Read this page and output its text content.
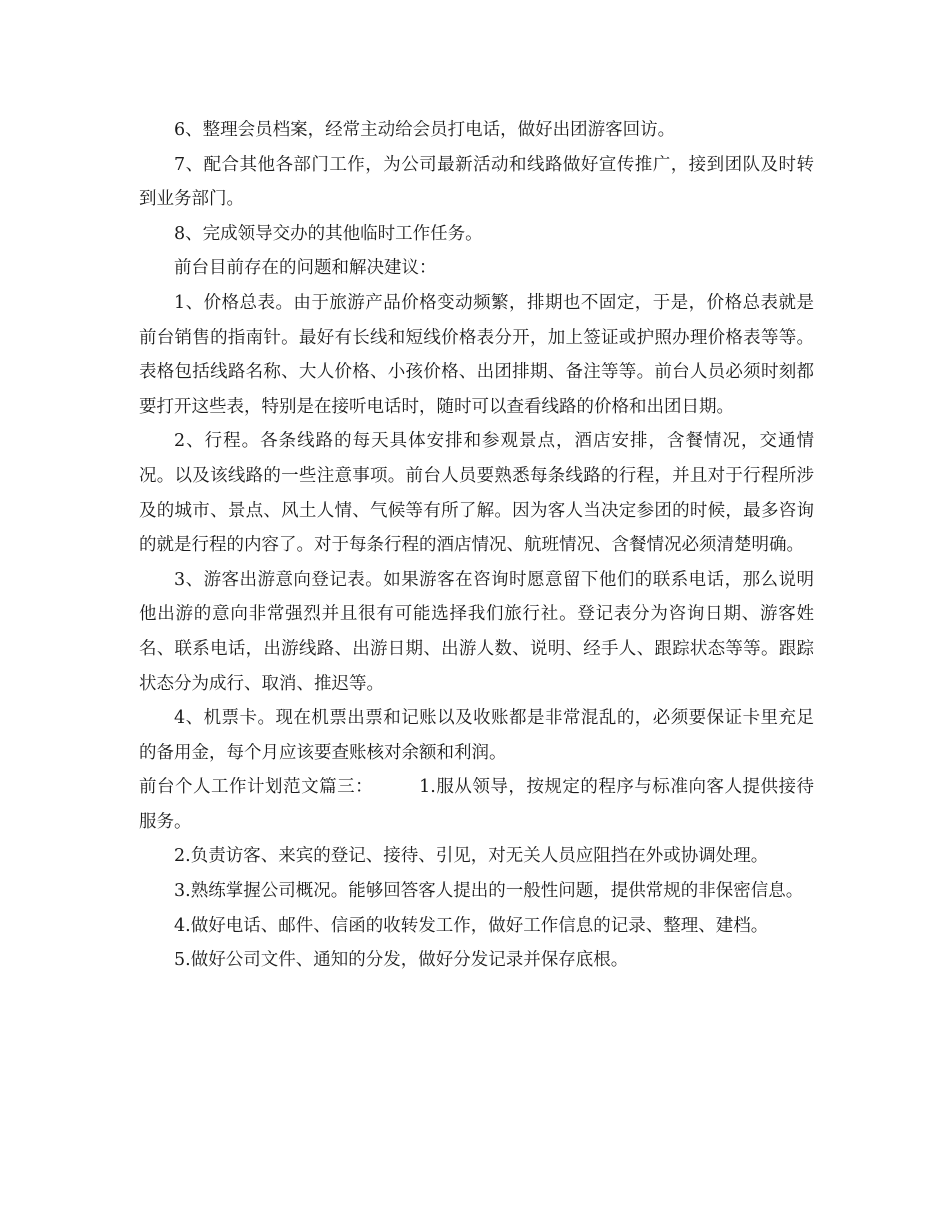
6、整理会员档案，经常主动给会员打电话，做好出团游客回访。

7、配合其他各部门工作，为公司最新活动和线路做好宣传推广，接到团队及时转到业务部门。

8、完成领导交办的其他临时工作任务。

前台目前存在的问题和解决建议：

1、价格总表。由于旅游产品价格变动频繁，排期也不固定，于是，价格总表就是前台销售的指南针。最好有长线和短线价格表分开，加上签证或护照办理价格表等等。表格包括线路名称、大人价格、小孩价格、出团排期、备注等等。前台人员必须时刻都要打开这些表，特别是在接听电话时，随时可以查看线路的价格和出团日期。

2、行程。各条线路的每天具体安排和参观景点，酒店安排，含餐情况，交通情况。以及该线路的一些注意事项。前台人员要熟悉每条线路的行程，并且对于行程所涉及的城市、景点、风土人情、气候等有所了解。因为客人当决定参团的时候，最多咨询的就是行程的内容了。对于每条行程的酒店情况、航班情况、含餐情况必须清楚明确。

3、游客出游意向登记表。如果游客在咨询时愿意留下他们的联系电话，那么说明他出游的意向非常强烈并且很有可能选择我们旅行社。登记表分为咨询日期、游客姓名、联系电话，出游线路、出游日期、出游人数、说明、经手人、跟踪状态等等。跟踪状态分为成行、取消、推迟等。

4、机票卡。现在机票出票和记账以及收账都是非常混乱的，必须要保证卡里充足的备用金，每个月应该要查账核对余额和利润。

前台个人工作计划范文篇三：	1.服从领导，按规定的程序与标准向客人提供接待服务。

2.负责访客、来宾的登记、接待、引见，对无关人员应阻挡在外或协调处理。

3.熟练掌握公司概况。能够回答客人提出的一般性问题，提供常规的非保密信息。

4.做好电话、邮件、信函的收转发工作，做好工作信息的记录、整理、建档。

5.做好公司文件、通知的分发，做好分发记录并保存底根。
